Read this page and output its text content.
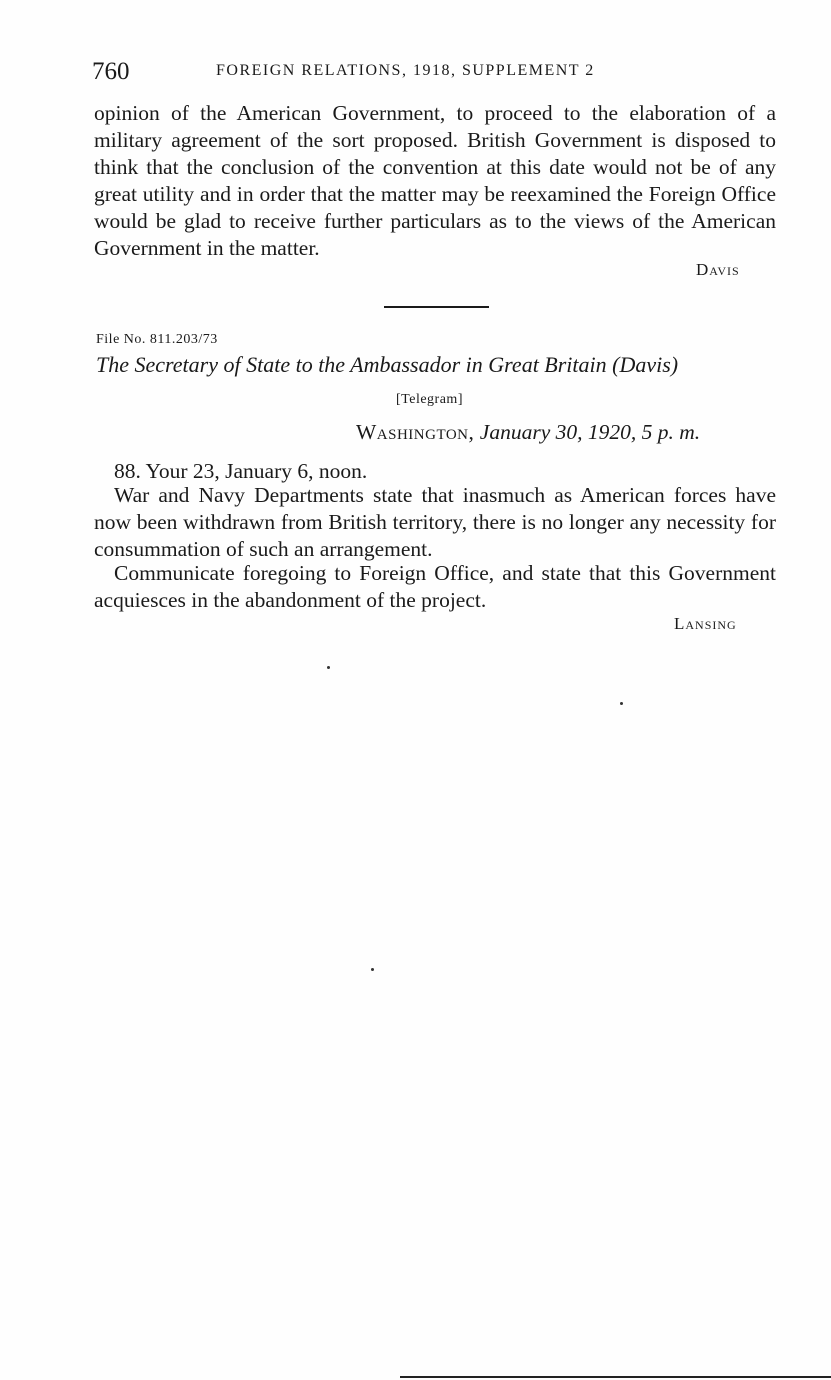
760	FOREIGN RELATIONS, 1918, SUPPLEMENT 2

opinion of the American Government, to proceed to the elaboration of a military agreement of the sort proposed. British Government is disposed to think that the conclusion of the convention at this date would not be of any great utility and in order that the matter may be reexamined the Foreign Office would be glad to receive further particulars as to the views of the American Government in the matter.

Davis
File No. 811.203/73
The Secretary of State to the Ambassador in Great Britain (Davis)
[Telegram]
Washington, January 30, 1920, 5 p. m.

88. Your 23, January 6, noon.

War and Navy Departments state that inasmuch as American forces have now been withdrawn from British territory, there is no longer any necessity for consummation of such an arrangement.

Communicate foregoing to Foreign Office, and state that this Government acquiesces in the abandonment of the project.

Lansing
